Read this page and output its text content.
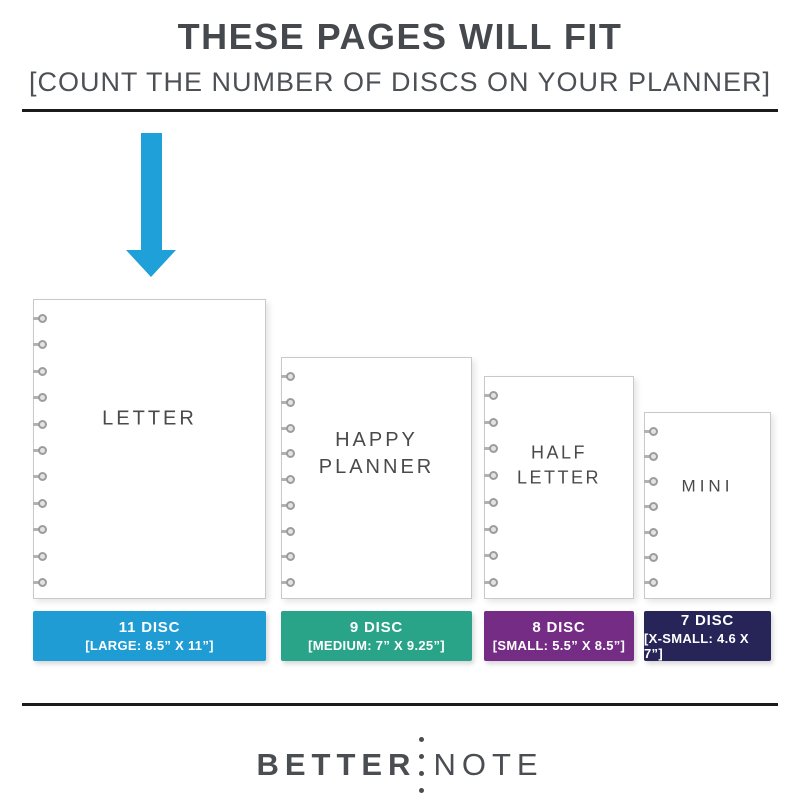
THESE PAGES WILL FIT
[COUNT THE NUMBER OF DISCS ON YOUR PLANNER]
LETTER
11 DISC
[LARGE: 8.5” X 11”]
HAPPY
PLANNER
9 DISC
[MEDIUM: 7” X 9.25”]
HALF
LETTER
8 DISC
[SMALL: 5.5” X 8.5”]
MINI
7 DISC
[X-SMALL: 4.6 X 7”]
BETTER NOTE
